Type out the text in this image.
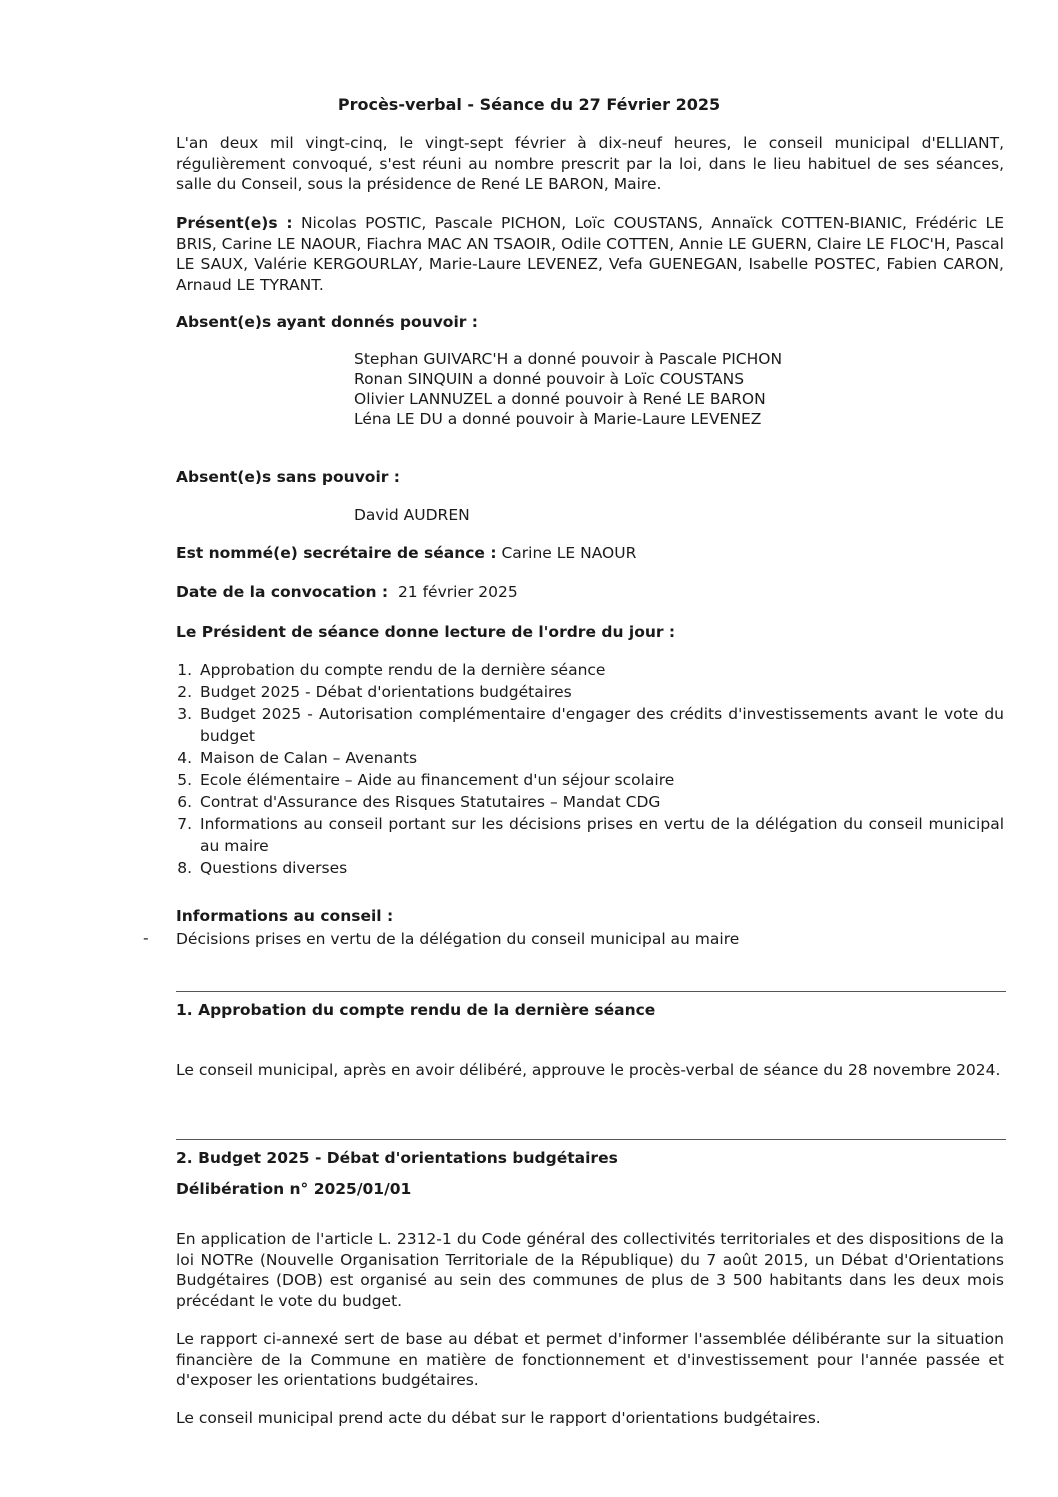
Procès-verbal - Séance du 27 Février 2025
L'an deux mil vingt-cinq, le vingt-sept février à dix-neuf heures, le conseil municipal d'ELLIANT, régulièrement convoqué, s'est réuni au nombre prescrit par la loi, dans le lieu habituel de ses séances, salle du Conseil, sous la présidence de René LE BARON, Maire.
Présent(e)s : Nicolas POSTIC, Pascale PICHON, Loïc COUSTANS, Annaïck COTTEN-BIANIC, Frédéric LE BRIS, Carine LE NAOUR, Fiachra MAC AN TSAOIR, Odile COTTEN, Annie LE GUERN, Claire LE FLOC'H, Pascal LE SAUX, Valérie KERGOURLAY, Marie-Laure LEVENEZ, Vefa GUENEGAN, Isabelle POSTEC, Fabien CARON, Arnaud LE TYRANT.
Absent(e)s ayant donnés pouvoir :
Stephan GUIVARC'H a donné pouvoir à Pascale PICHON
Ronan SINQUIN a donné pouvoir à Loïc COUSTANS
Olivier LANNUZEL a donné pouvoir à René LE BARON
Léna LE DU a donné pouvoir à Marie-Laure LEVENEZ
Absent(e)s sans pouvoir :
David AUDREN
Est nommé(e) secrétaire de séance : Carine LE NAOUR
Date de la convocation :  21 février 2025
Le Président de séance donne lecture de l'ordre du jour :
1. Approbation du compte rendu de la dernière séance
2. Budget 2025 - Débat d'orientations budgétaires
3. Budget 2025 - Autorisation complémentaire d'engager des crédits d'investissements avant le vote du budget
4. Maison de Calan – Avenants
5. Ecole élémentaire – Aide au financement d'un séjour scolaire
6. Contrat d'Assurance des Risques Statutaires – Mandat CDG
7. Informations au conseil portant sur les décisions prises en vertu de la délégation du conseil municipal au maire
8. Questions diverses
Informations au conseil :
- Décisions prises en vertu de la délégation du conseil municipal au maire
1. Approbation du compte rendu de la dernière séance
Le conseil municipal, après en avoir délibéré, approuve le procès-verbal de séance du 28 novembre 2024.
2. Budget 2025 - Débat d'orientations budgétaires
Délibération n° 2025/01/01
En application de l'article L. 2312-1 du Code général des collectivités territoriales et des dispositions de la loi NOTRe (Nouvelle Organisation Territoriale de la République) du 7 août 2015, un Débat d'Orientations Budgétaires (DOB) est organisé au sein des communes de plus de 3 500 habitants dans les deux mois précédant le vote du budget.
Le rapport ci-annexé sert de base au débat et permet d'informer l'assemblée délibérante sur la situation financière de la Commune en matière de fonctionnement et d'investissement pour l'année passée et d'exposer les orientations budgétaires.
Le conseil municipal prend acte du débat sur le rapport d'orientations budgétaires.
